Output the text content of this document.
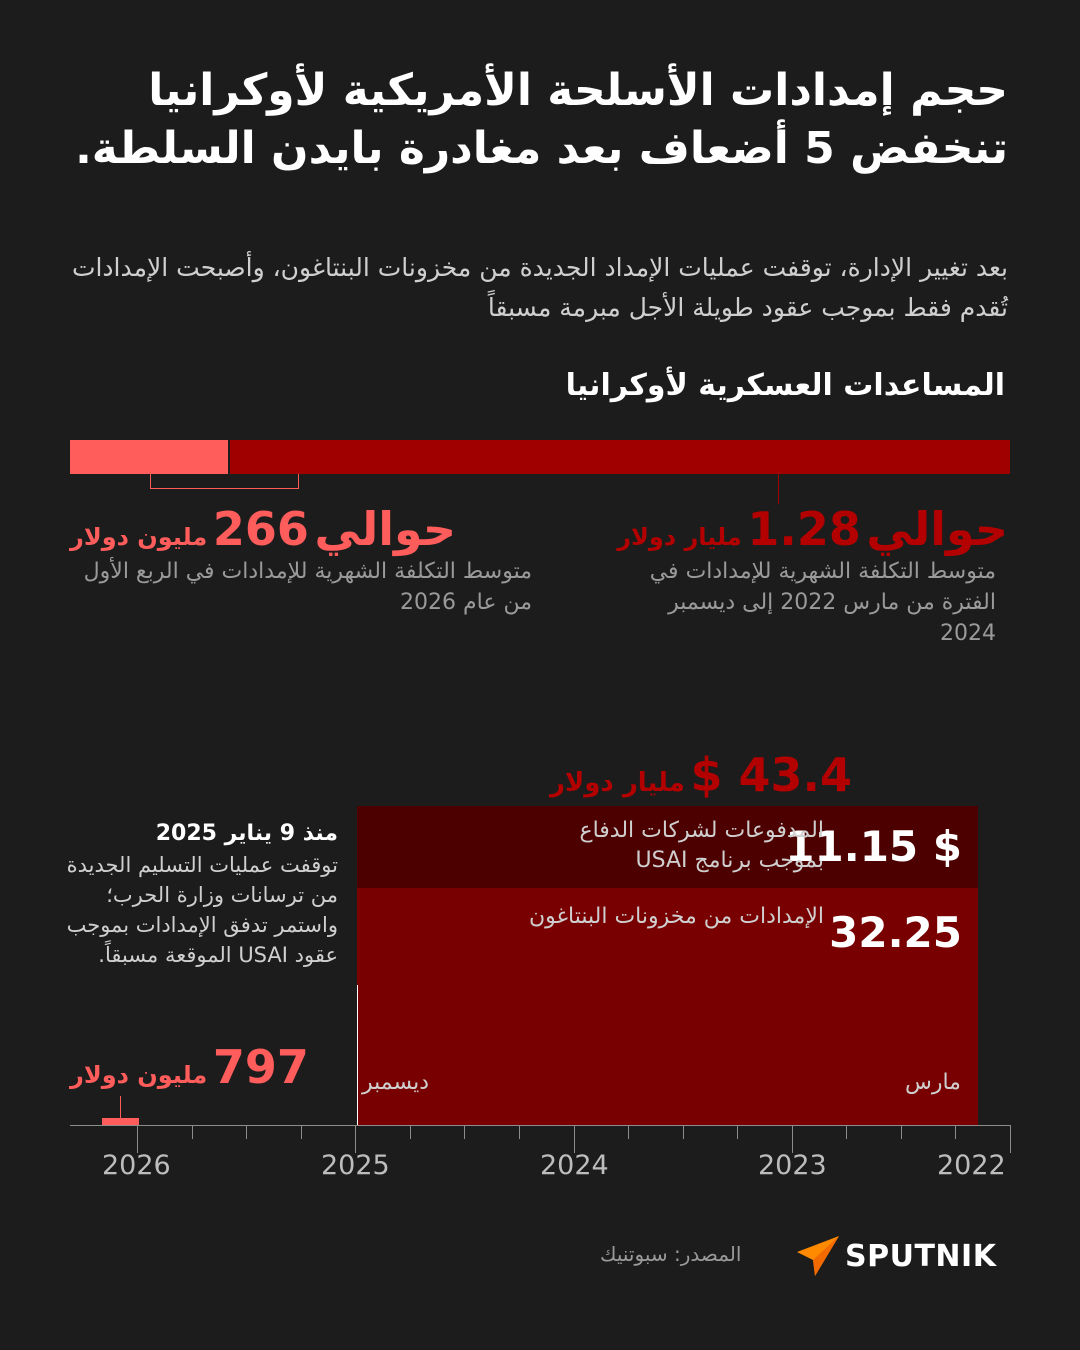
حجم إمدادات الأسلحة الأمريكية لأوكرانيا تنخفض 5 أضعاف بعد مغادرة بايدن السلطة.
بعد تغيير الإدارة، توقفت عمليات الإمداد الجديدة من مخزونات البنتاغون، وأصبحت الإمدادات تُقدم فقط بموجب عقود طويلة الأجل مبرمة مسبقاً
المساعدات العسكرية لأوكرانيا
حوالي 1.28 مليار دولار
حوالي 266 مليون دولار
متوسط التكلفة الشهرية للإمدادات في الفترة من مارس 2022 إلى ديسمبر 2024
متوسط التكلفة الشهرية للإمدادات في الربع الأول من عام 2026
43.4 $ مليار دولار
11.15 $
32.25
المدفوعات لشركات الدفاع بموجب برنامج USAI
الإمدادات من مخزونات البنتاغون
مارس
ديسمبر
منذ 9 يناير 2025
توقفت عمليات التسليم الجديدة من ترسانات وزارة الحرب؛ واستمر تدفق الإمدادات بموجب عقود USAI الموقعة مسبقاً.
797 مليون دولار
2022
2023
2024
2025
2026
المصدر: سبوتنيك	SPUTNIK
